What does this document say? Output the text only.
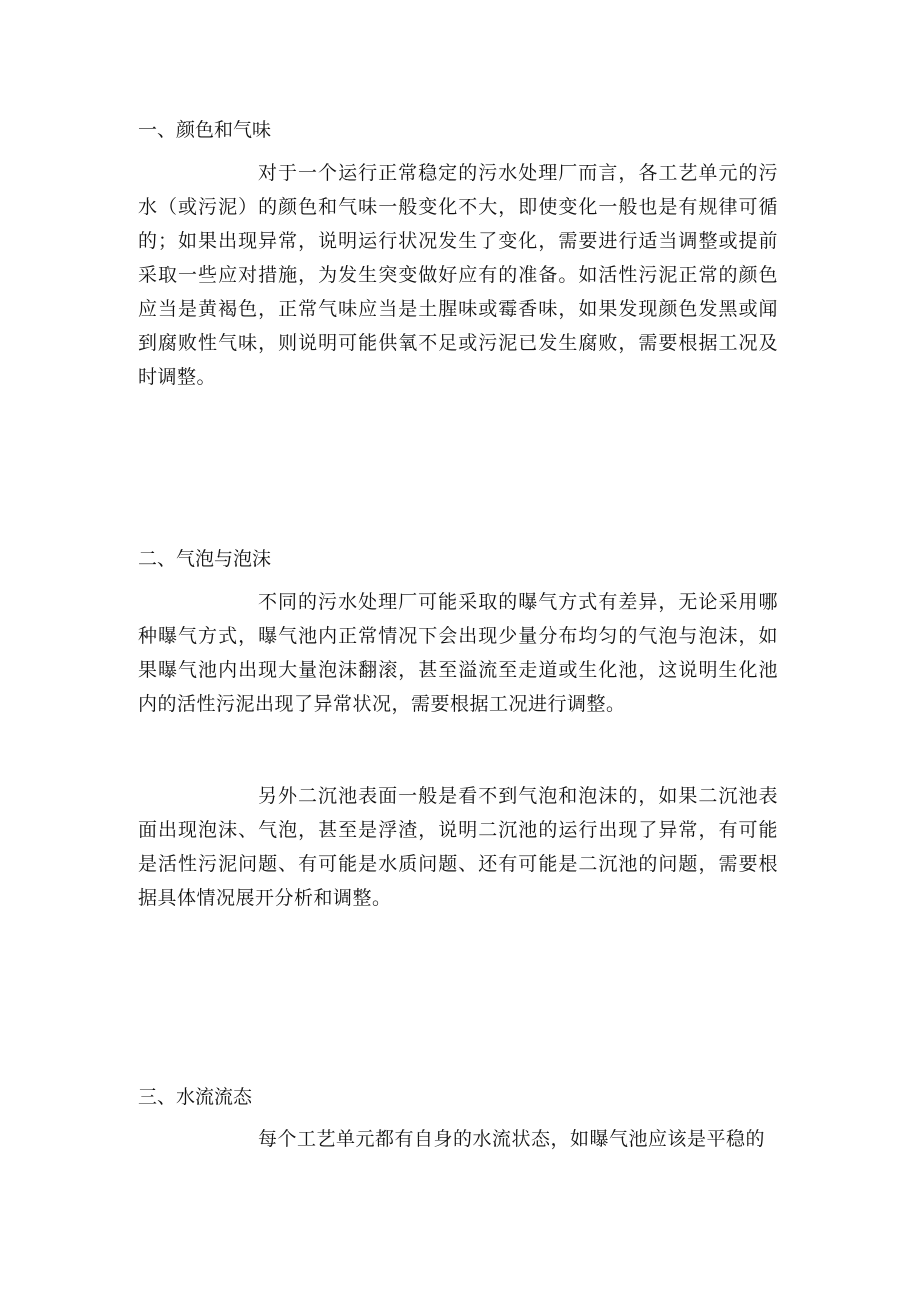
一、颜色和气味

对于一个运行正常稳定的污水处理厂而言，各工艺单元的污水（或污泥）的颜色和气味一般变化不大，即使变化一般也是有规律可循的；如果出现异常，说明运行状况发生了变化，需要进行适当调整或提前采取一些应对措施，为发生突变做好应有的准备。如活性污泥正常的颜色应当是黄褐色，正常气味应当是土腥味或霉香味，如果发现颜色发黑或闻到腐败性气味，则说明可能供氧不足或污泥已发生腐败，需要根据工况及时调整。

二、气泡与泡沫

不同的污水处理厂可能采取的曝气方式有差异，无论采用哪种曝气方式，曝气池内正常情况下会出现少量分布均匀的气泡与泡沫，如果曝气池内出现大量泡沫翻滚，甚至溢流至走道或生化池，这说明生化池内的活性污泥出现了异常状况，需要根据工况进行调整。

另外二沉池表面一般是看不到气泡和泡沫的，如果二沉池表面出现泡沫、气泡，甚至是浮渣，说明二沉池的运行出现了异常，有可能是活性污泥问题、有可能是水质问题、还有可能是二沉池的问题，需要根据具体情况展开分析和调整。

三、水流流态

每个工艺单元都有自身的水流状态，如曝气池应该是平稳的
